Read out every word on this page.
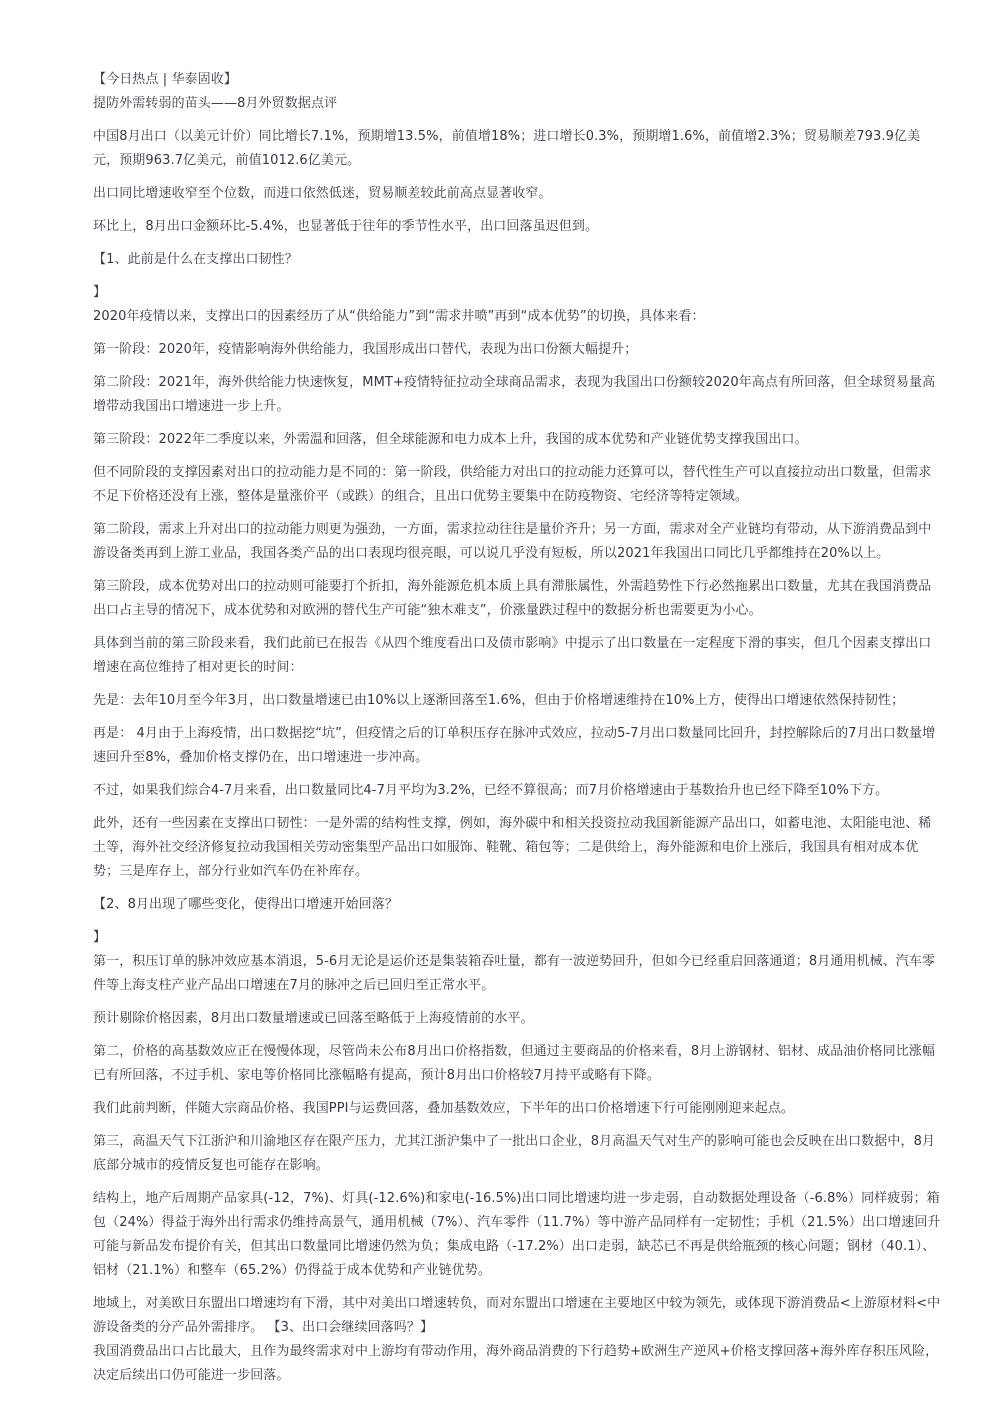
【今日热点 | 华泰固收】
提防外需转弱的苗头——8月外贸数据点评
中国8月出口（以美元计价）同比增长7.1%，预期增13.5%，前值增18%；进口增长0.3%，预期增1.6%，前值增2.3%；贸易顺差793.9亿美元，预期963.7亿美元，前值1012.6亿美元。
出口同比增速收窄至个位数，而进口依然低迷，贸易顺差较此前高点显著收窄。
环比上，8月出口金额环比-5.4%，也显著低于往年的季节性水平，出口回落虽迟但到。
【1、此前是什么在支撑出口韧性？
】
2020年疫情以来，支撑出口的因素经历了从“供给能力”到“需求井喷”再到“成本优势”的切换，具体来看：
第一阶段：2020年，疫情影响海外供给能力，我国形成出口替代，表现为出口份额大幅提升；
第二阶段：2021年，海外供给能力快速恢复，MMT+疫情特征拉动全球商品需求，表现为我国出口份额较2020年高点有所回落，但全球贸易量高增带动我国出口增速进一步上升。
第三阶段：2022年二季度以来，外需温和回落，但全球能源和电力成本上升，我国的成本优势和产业链优势支撑我国出口。
但不同阶段的支撑因素对出口的拉动能力是不同的：第一阶段，供给能力对出口的拉动能力还算可以，替代性生产可以直接拉动出口数量，但需求不足下价格还没有上涨，整体是量涨价平（或跌）的组合，且出口优势主要集中在防疫物资、宅经济等特定领域。
第二阶段，需求上升对出口的拉动能力则更为强劲，一方面，需求拉动往往是量价齐升；另一方面，需求对全产业链均有带动，从下游消费品到中游设备类再到上游工业品，我国各类产品的出口表现均很亮眼，可以说几乎没有短板，所以2021年我国出口同比几乎都维持在20%以上。
第三阶段，成本优势对出口的拉动则可能要打个折扣，海外能源危机本质上具有滞胀属性，外需趋势性下行必然拖累出口数量，尤其在我国消费品出口占主导的情况下，成本优势和对欧洲的替代生产可能“独木难支”，价涨量跌过程中的数据分析也需要更为小心。
具体到当前的第三阶段来看，我们此前已在报告《从四个维度看出口及债市影响》中提示了出口数量在一定程度下滑的事实，但几个因素支撑出口增速在高位维持了相对更长的时间：
先是：去年10月至今年3月，出口数量增速已由10%以上逐渐回落至1.6%，但由于价格增速维持在10%上方，使得出口增速依然保持韧性；
再是： 4月由于上海疫情，出口数据挖“坑”，但疫情之后的订单积压存在脉冲式效应，拉动5-7月出口数量同比回升，封控解除后的7月出口数量增速回升至8%，叠加价格支撑仍在，出口增速进一步冲高。
不过，如果我们综合4-7月来看，出口数量同比4-7月平均为3.2%，已经不算很高；而7月价格增速由于基数抬升也已经下降至10%下方。
此外，还有一些因素在支撑出口韧性：一是外需的结构性支撑，例如，海外碳中和相关投资拉动我国新能源产品出口，如蓄电池、太阳能电池、稀土等，海外社交经济修复拉动我国相关劳动密集型产品出口如服饰、鞋靴、箱包等；二是供给上，海外能源和电价上涨后，我国具有相对成本优势；三是库存上，部分行业如汽车仍在补库存。
【2、8月出现了哪些变化，使得出口增速开始回落？
】
第一，积压订单的脉冲效应基本消退，5-6月无论是运价还是集装箱吞吐量，都有一波逆势回升，但如今已经重启回落通道；8月通用机械、汽车零件等上海支柱产业产品出口增速在7月的脉冲之后已回归至正常水平。
预计剔除价格因素，8月出口数量增速或已回落至略低于上海疫情前的水平。
第二，价格的高基数效应正在慢慢体现，尽管尚未公布8月出口价格指数，但通过主要商品的价格来看，8月上游钢材、铝材、成品油价格同比涨幅已有所回落，不过手机、家电等价格同比涨幅略有提高，预计8月出口价格较7月持平或略有下降。
我们此前判断，伴随大宗商品价格、我国PPI与运费回落，叠加基数效应，下半年的出口价格增速下行可能刚刚迎来起点。
第三，高温天气下江浙沪和川渝地区存在限产压力，尤其江浙沪集中了一批出口企业，8月高温天气对生产的影响可能也会反映在出口数据中，8月底部分城市的疫情反复也可能存在影响。
结构上，地产后周期产品家具(-12，7%)、灯具(-12.6%)和家电(-16.5%)出口同比增速均进一步走弱，自动数据处理设备（-6.8%）同样疲弱；箱包（24%）得益于海外出行需求仍维持高景气，通用机械（7%）、汽车零件（11.7%）等中游产品同样有一定韧性；手机（21.5%）出口增速回升可能与新品发布提价有关，但其出口数量同比增速仍然为负；集成电路（-17.2%）出口走弱，缺芯已不再是供给瓶颈的核心问题；钢材（40.1）、铝材（21.1%）和整车（65.2%）仍得益于成本优势和产业链优势。
地域上，对美欧日东盟出口增速均有下滑，其中对美出口增速转负，而对东盟出口增速在主要地区中较为领先，或体现下游消费品<上游原材料<中游设备类的分产品外需排序。 【3、出口会继续回落吗？】
我国消费品出口占比最大，且作为最终需求对中上游均有带动作用，海外商品消费的下行趋势+欧洲生产逆风+价格支撑回落+海外库存积压风险，决定后续出口仍可能进一步回落。
